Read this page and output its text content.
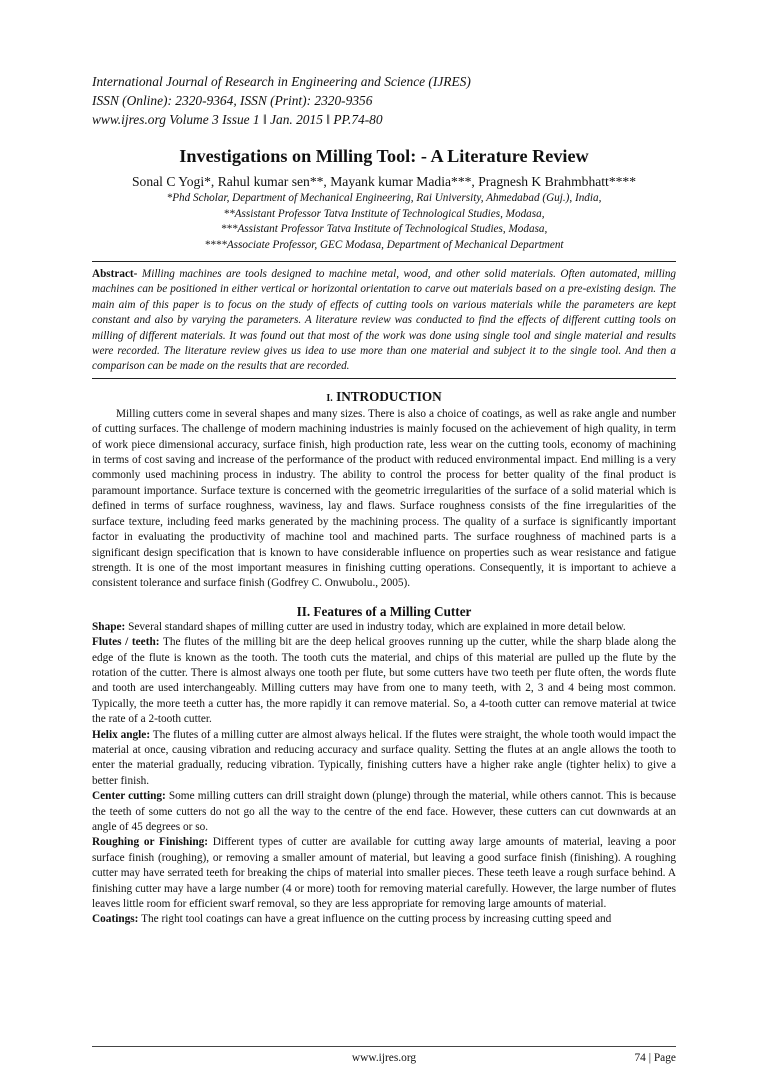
International Journal of Research in Engineering and Science (IJRES)
ISSN (Online): 2320-9364, ISSN (Print): 2320-9356
www.ijres.org Volume 3 Issue 1 ǁ Jan. 2015 ǁ PP.74-80
Investigations on Milling Tool: - A Literature Review
Sonal C Yogi*, Rahul kumar sen**, Mayank kumar Madia***, Pragnesh K Brahmbhatt****
*Phd Scholar, Department of Mechanical Engineering, Rai University, Ahmedabad (Guj.), India,
**Assistant Professor Tatva Institute of Technological Studies, Modasa,
***Assistant Professor Tatva Institute of Technological Studies, Modasa,
****Associate Professor, GEC Modasa, Department of Mechanical Department
Abstract- Milling machines are tools designed to machine metal, wood, and other solid materials. Often automated, milling machines can be positioned in either vertical or horizontal orientation to carve out materials based on a pre-existing design. The main aim of this paper is to focus on the study of effects of cutting tools on various materials while the parameters are kept constant and also by varying the parameters. A literature review was conducted to find the effects of different cutting tools on milling of different materials. It was found out that most of the work was done using single tool and single material and results were recorded. The literature review gives us idea to use more than one material and subject it to the single tool. And then a comparison can be made on the results that are recorded.
I. INTRODUCTION
Milling cutters come in several shapes and many sizes. There is also a choice of coatings, as well as rake angle and number of cutting surfaces. The challenge of modern machining industries is mainly focused on the achievement of high quality, in term of work piece dimensional accuracy, surface finish, high production rate, less wear on the cutting tools, economy of machining in terms of cost saving and increase of the performance of the product with reduced environmental impact. End milling is a very commonly used machining process in industry. The ability to control the process for better quality of the final product is paramount importance. Surface texture is concerned with the geometric irregularities of the surface of a solid material which is defined in terms of surface roughness, waviness, lay and flaws. Surface roughness consists of the fine irregularities of the surface texture, including feed marks generated by the machining process. The quality of a surface is significantly important factor in evaluating the productivity of machine tool and machined parts. The surface roughness of machined parts is a significant design specification that is known to have considerable influence on properties such as wear resistance and fatigue strength. It is one of the most important measures in finishing cutting operations. Consequently, it is important to achieve a consistent tolerance and surface finish (Godfrey C. Onwubolu., 2005).
II. Features of a Milling Cutter
Shape: Several standard shapes of milling cutter are used in industry today, which are explained in more detail below.
Flutes / teeth: The flutes of the milling bit are the deep helical grooves running up the cutter, while the sharp blade along the edge of the flute is known as the tooth. The tooth cuts the material, and chips of this material are pulled up the flute by the rotation of the cutter. There is almost always one tooth per flute, but some cutters have two teeth per flute often, the words flute and tooth are used interchangeably. Milling cutters may have from one to many teeth, with 2, 3 and 4 being most common. Typically, the more teeth a cutter has, the more rapidly it can remove material. So, a 4-tooth cutter can remove material at twice the rate of a 2-tooth cutter.
Helix angle: The flutes of a milling cutter are almost always helical. If the flutes were straight, the whole tooth would impact the material at once, causing vibration and reducing accuracy and surface quality. Setting the flutes at an angle allows the tooth to enter the material gradually, reducing vibration. Typically, finishing cutters have a higher rake angle (tighter helix) to give a better finish.
Center cutting: Some milling cutters can drill straight down (plunge) through the material, while others cannot. This is because the teeth of some cutters do not go all the way to the centre of the end face. However, these cutters can cut downwards at an angle of 45 degrees or so.
Roughing or Finishing: Different types of cutter are available for cutting away large amounts of material, leaving a poor surface finish (roughing), or removing a smaller amount of material, but leaving a good surface finish (finishing). A roughing cutter may have serrated teeth for breaking the chips of material into smaller pieces. These teeth leave a rough surface behind. A finishing cutter may have a large number (4 or more) tooth for removing material carefully. However, the large number of flutes leaves little room for efficient swarf removal, so they are less appropriate for removing large amounts of material.
Coatings: The right tool coatings can have a great influence on the cutting process by increasing cutting speed and
www.ijres.org	74 | Page
